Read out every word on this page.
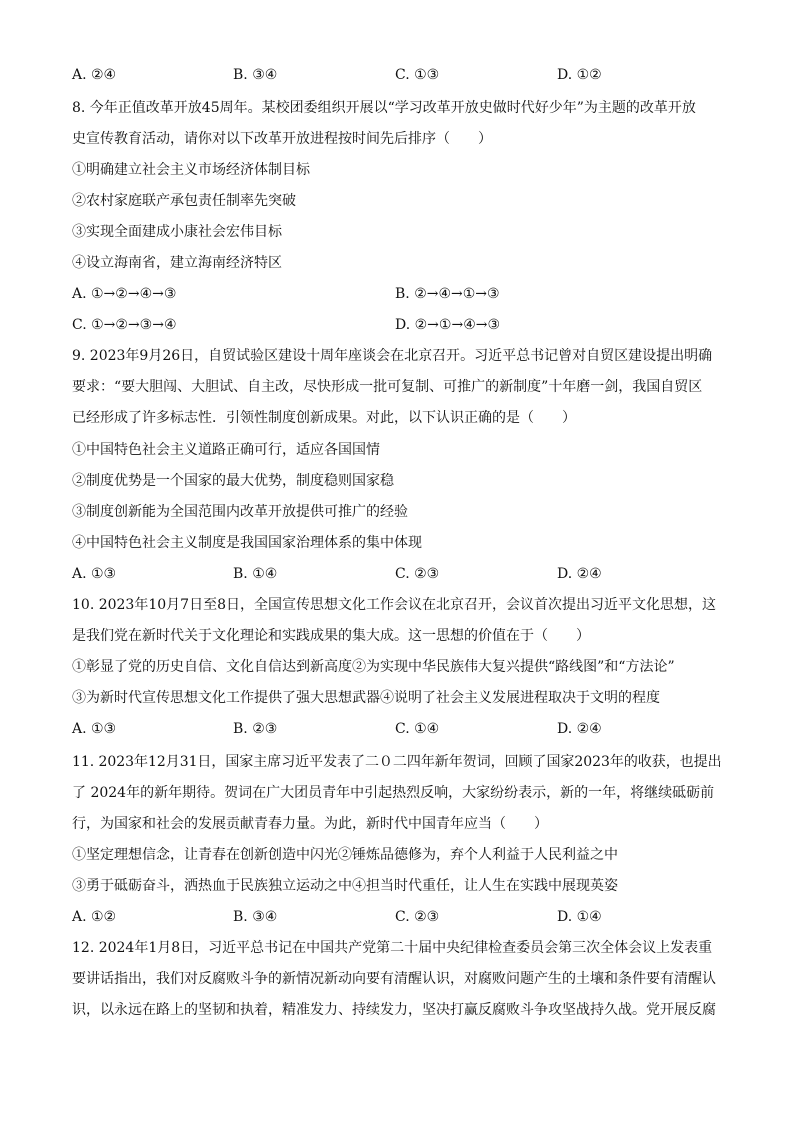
A. ②④	B. ③④	C. ①③	D. ①②
8. 今年正值改革开放45周年。某校团委组织开展以“学习改革开放史做时代好少年”为主题的改革开放
史宣传教育活动，请你对以下改革开放进程按时间先后排序（　　）
①明确建立社会主义市场经济体制目标
②农村家庭联产承包责任制率先突破
③实现全面建成小康社会宏伟目标
④设立海南省，建立海南经济特区
A. ①→②→④→③	B. ②→④→①→③
C. ①→②→③→④	D. ②→①→④→③
9. 2023年9月26日，自贸试验区建设十周年座谈会在北京召开。习近平总书记曾对自贸区建设提出明确
要求：“要大胆闯、大胆试、自主改，尽快形成一批可复制、可推广的新制度”十年磨一剑，我国自贸区
已经形成了许多标志性．引领性制度创新成果。对此，以下认识正确的是（　　）
①中国特色社会主义道路正确可行，适应各国国情
②制度优势是一个国家的最大优势，制度稳则国家稳
③制度创新能为全国范围内改革开放提供可推广的经验
④中国特色社会主义制度是我国国家治理体系的集中体现
A. ①③	B. ①④	C. ②③	D. ②④
10. 2023年10月7日至8日，全国宣传思想文化工作会议在北京召开，会议首次提出习近平文化思想，这
是我们党在新时代关于文化理论和实践成果的集大成。这一思想的价值在于（　　）
①彰显了党的历史自信、文化自信达到新高度②为实现中华民族伟大复兴提供“路线图”和“方法论”
③为新时代宣传思想文化工作提供了强大思想武器④说明了社会主义发展进程取决于文明的程度
A. ①③	B. ②③	C. ①④	D. ②④
11. 2023年12月31日，国家主席习近平发表了二０二四年新年贺词，回顾了国家2023年的收获，也提出
了 2024年的新年期待。贺词在广大团员青年中引起热烈反响，大家纷纷表示，新的一年，将继续砥砺前
行，为国家和社会的发展贡献青春力量。为此，新时代中国青年应当（　　）
①坚定理想信念，让青春在创新创造中闪光②锤炼品德修为，弃个人利益于人民利益之中
③勇于砥砺奋斗，洒热血于民族独立运动之中④担当时代重任，让人生在实践中展现英姿
A. ①②	B. ③④	C. ②③	D. ①④
12. 2024年1月8日，习近平总书记在中国共产党第二十届中央纪律检查委员会第三次全体会议上发表重
要讲话指出，我们对反腐败斗争的新情况新动向要有清醒认识，对腐败问题产生的土壤和条件要有清醒认
识，以永远在路上的坚韧和执着，精准发力、持续发力，坚决打赢反腐败斗争攻坚战持久战。党开展反腐
